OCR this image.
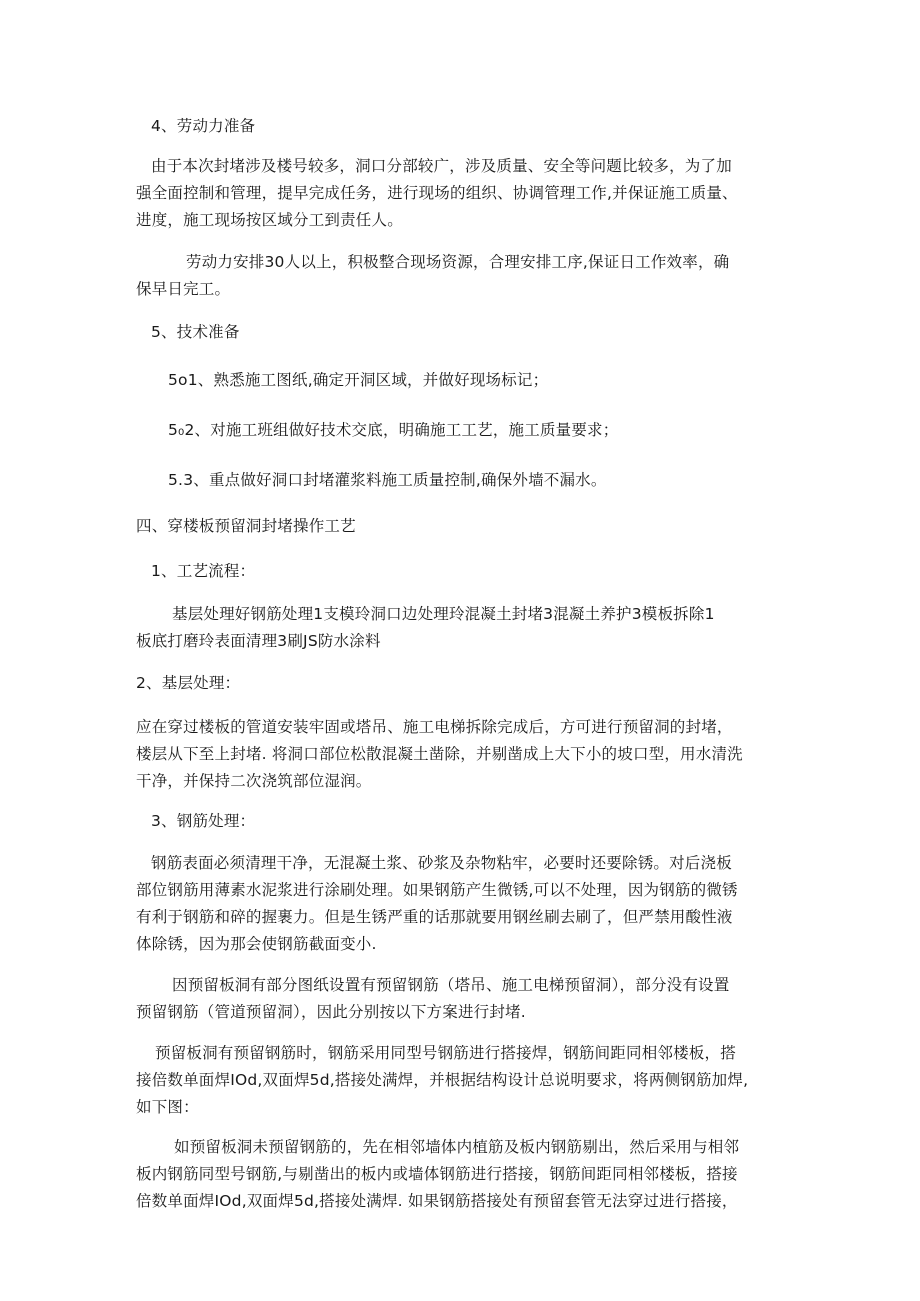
4、劳动力准备
由于本次封堵涉及楼号较多，洞口分部较广，涉及质量、安全等问题比较多，为了加
强全面控制和管理，提早完成任务，进行现场的组织、协调管理工作,并保证施工质量、
进度，施工现场按区域分工到责任人。
劳动力安排30人以上，积极整合现场资源，合理安排工序,保证日工作效率，确
保早日完工。
5、技术准备
5o1、熟悉施工图纸,确定开洞区域，并做好现场标记；
5₀2、对施工班组做好技术交底，明确施工工艺，施工质量要求；
5.3、重点做好洞口封堵灌浆料施工质量控制,确保外墙不漏水。
四、穿楼板预留洞封堵操作工艺
1、工艺流程：
基层处理好钢筋处理1支模玲洞口边处理玲混凝土封堵3混凝土养护3模板拆除1
板底打磨玲表面清理3刷JS防水涂料
2、基层处理：
应在穿过楼板的管道安装牢固或塔吊、施工电梯拆除完成后，方可进行预留洞的封堵，
楼层从下至上封堵. 将洞口部位松散混凝土凿除，并剔凿成上大下小的坡口型，用水清洗
干净，并保持二次浇筑部位湿润。
3、钢筋处理：
钢筋表面必须清理干净，无混凝土浆、砂浆及杂物粘牢，必要时还要除锈。对后浇板
部位钢筋用薄素水泥浆进行涂刷处理。如果钢筋产生微锈,可以不处理，因为钢筋的微锈
有利于钢筋和碎的握裹力。但是生锈严重的话那就要用钢丝刷去刷了，但严禁用酸性液
体除锈，因为那会使钢筋截面变小.
因预留板洞有部分图纸设置有预留钢筋（塔吊、施工电梯预留洞），部分没有设置
预留钢筋（管道预留洞），因此分别按以下方案进行封堵.
预留板洞有预留钢筋时，钢筋采用同型号钢筋进行搭接焊，钢筋间距同相邻楼板，搭
接倍数单面焊IOd,双面焊5d,搭接处满焊，并根据结构设计总说明要求，将两侧钢筋加焊,
如下图：
如预留板洞未预留钢筋的，先在相邻墙体内植筋及板内钢筋剔出，然后采用与相邻
板内钢筋同型号钢筋,与剔凿出的板内或墙体钢筋进行搭接，钢筋间距同相邻楼板，搭接
倍数单面焊IOd,双面焊5d,搭接处满焊. 如果钢筋搭接处有预留套管无法穿过进行搭接，
